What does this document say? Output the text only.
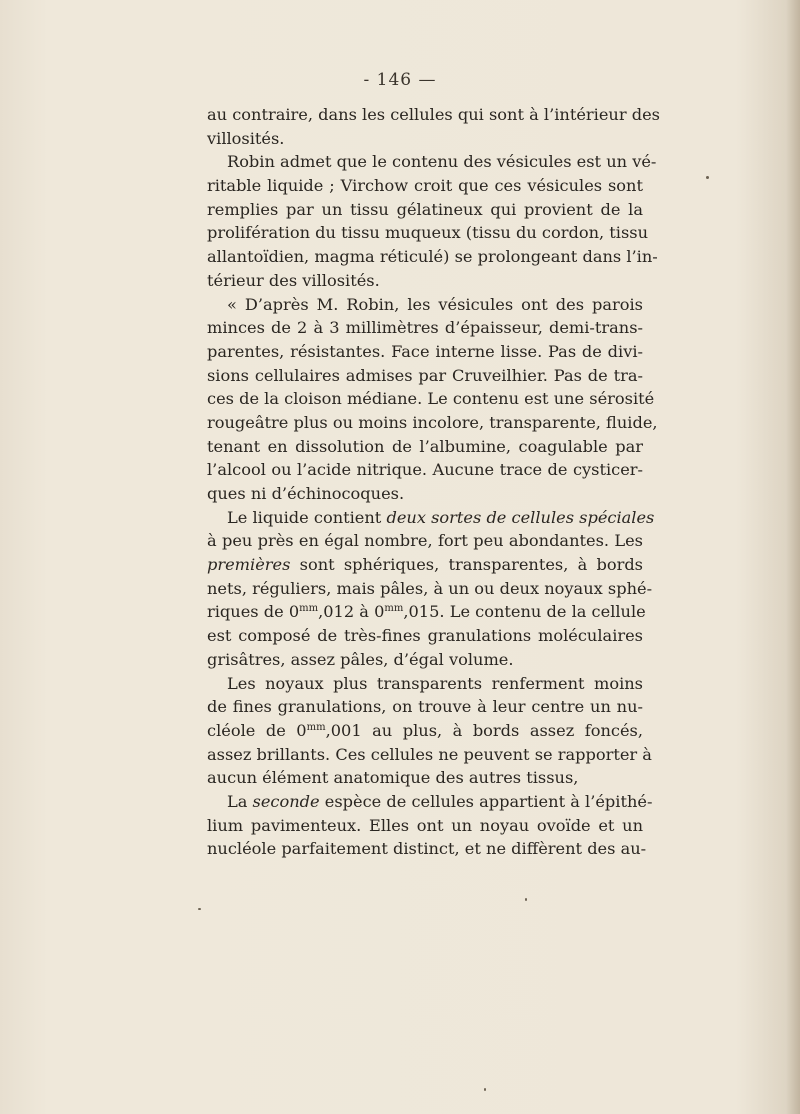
- 146 —
au contraire, dans les cellules qui sont à l’intérieur des
villosités.
Robin admet que le contenu des vésicules est un vé-
ritable liquide ; Virchow croit que ces vésicules sont
remplies par un tissu gélatineux qui provient de la
prolifération du tissu muqueux (tissu du cordon, tissu
allantoïdien, magma réticulé) se prolongeant dans l’in-
térieur des villosités.
« D’après M. Robin, les vésicules ont des parois
minces de 2 à 3 millimètres d’épaisseur, demi-trans-
parentes, résistantes. Face interne lisse. Pas de divi-
sions cellulaires admises par Cruveilhier. Pas de tra-
ces de la cloison médiane. Le contenu est une sérosité
rougeâtre plus ou moins incolore, transparente, fluide,
tenant en dissolution de l’albumine, coagulable par
l’alcool ou l’acide nitrique. Aucune trace de cysticer-
ques ni d’échinocoques.
Le liquide contient deux sortes de cellules spéciales
à peu près en égal nombre, fort peu abondantes. Les
premières sont sphériques, transparentes, à bords
nets, réguliers, mais pâles, à un ou deux noyaux sphé-
riques de $0^{mm},012$ à $0^{mm},015$. Le contenu de la cellule
est composé de très-fines granulations moléculaires
grisâtres, assez pâles, d’égal volume.
Les noyaux plus transparents renferment moins
de fines granulations, on trouve à leur centre un nu-
cléole de $0^{mm},001$ au plus, à bords assez foncés,
assez brillants. Ces cellules ne peuvent se rapporter à
aucun élément anatomique des autres tissus,
La seconde espèce de cellules appartient à l’épithé-
lium pavimenteux. Elles ont un noyau ovoïde et un
nucléole parfaitement distinct, et ne diffèrent des au-
